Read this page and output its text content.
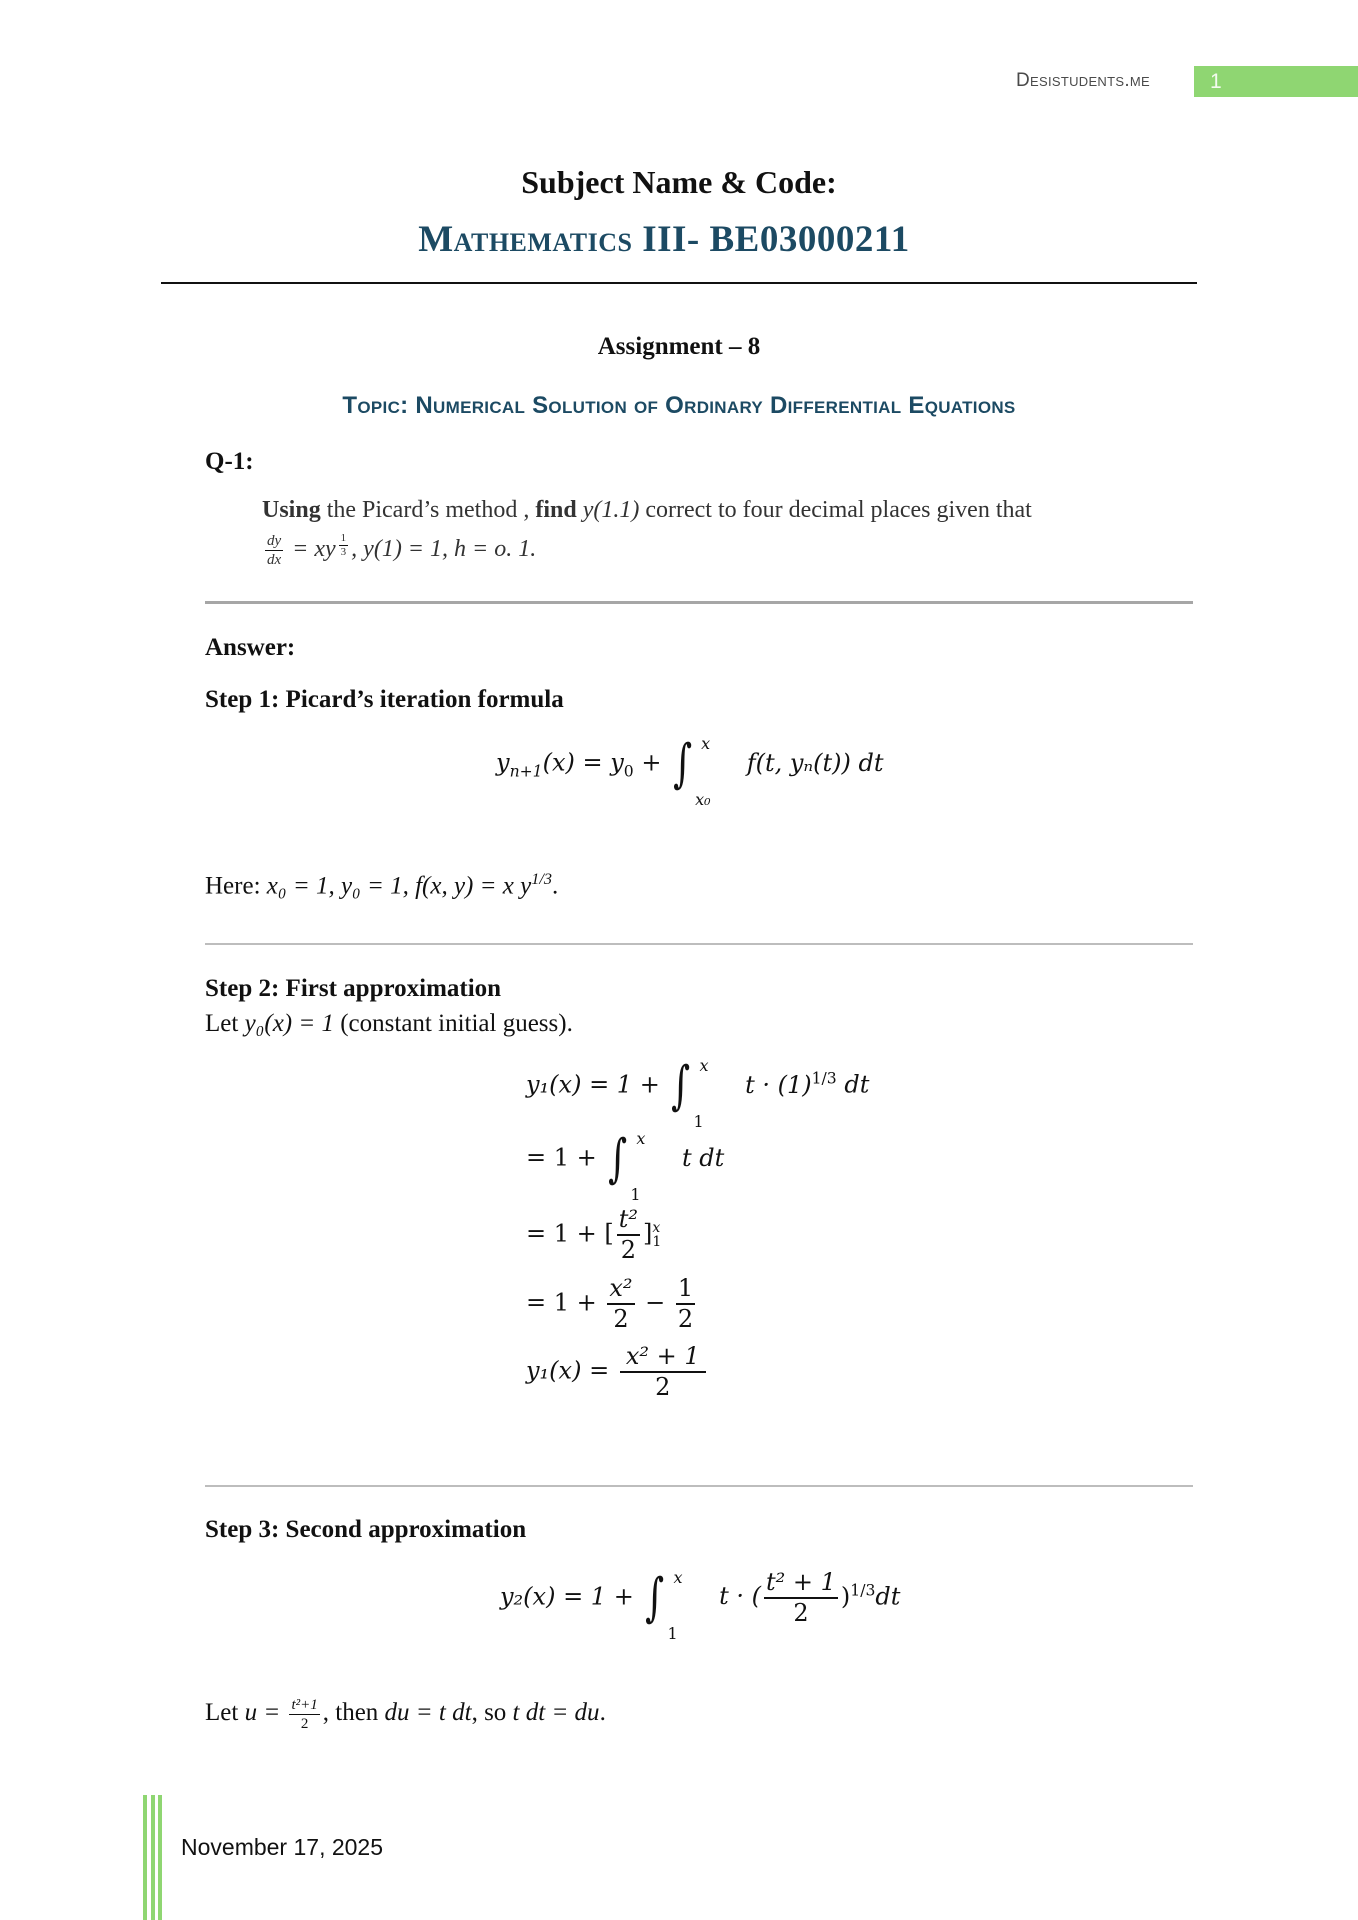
Desistudents.me	1
Subject Name & Code:
Mathematics III- BE03000211
Assignment – 8
Topic: Numerical Solution of Ordinary Differential Equations
Q-1:
Using the Picard’s method , find y(1.1) correct to four decimal places given that
$\frac{dy}{dx}$ = xy $\frac{1}{3}$ , y(1) = 1, h = o. 1.
Answer:
Step 1: Picard’s iteration formula
$y_{n+1}(x) = y_0$ + ∫ x
x₀
f(t, yₙ(t)) dt
Here: x₀ = 1, y₀ = 1, f(x, y) = x $y^{1/3}$.
Step 2: First approximation
Let y₀(x) = 1 (constant initial guess).
y₁(x) = 1 + ∫ x
1
$t \cdot (1)^{1/3}$ dt
= 1 + ∫ x
1
t dt
= 1 + [ $\frac{\text{t²}}{2}$ ] x
1
= $1 + \frac{\text{x²}}{2} - \frac{1}{2}$
$y_1(x) = \frac{\text{x² + 1}}{2}$
Step 3: Second approximation
y₂(x) = 1 + ∫ x
1
t · ( $\frac{\text{t² + 1}}{2} )^{1/3}dt$
Let $u = \frac{\text{t²+1}}{2}$ , then du = t dt, so t dt = du.
November 17, 2025
